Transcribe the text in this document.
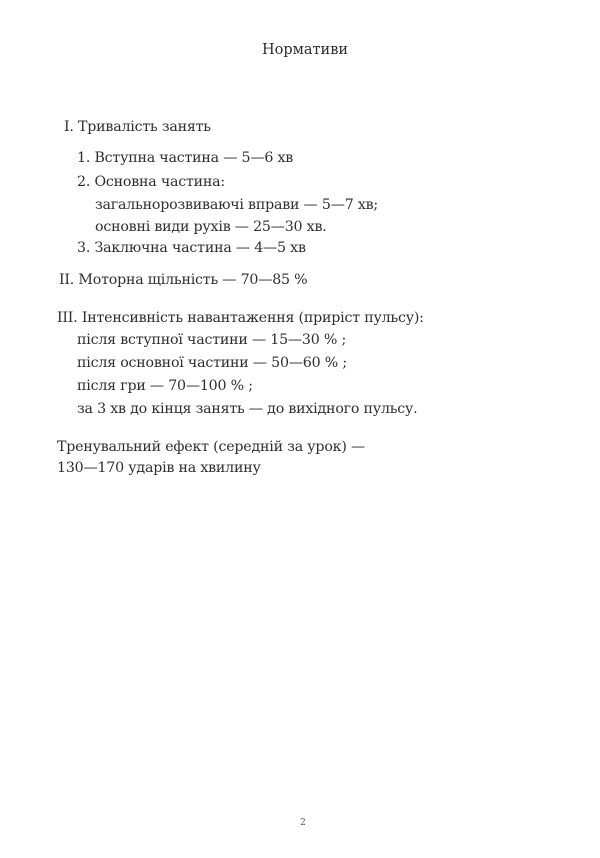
Нормативи
I. Тривалість занять
1. Вступна частина — 5—6 хв
2. Основна частина:
загальнорозвиваючі вправи — 5—7 хв;
основні види рухів — 25—30 хв.
3. Заключна частина — 4—5 хв
II. Моторна щільність — 70—85 %
III. Інтенсивність навантаження (приріст пульсу):
після вступної частини — 15—30 % ;
після основної частини — 50—60 % ;
після гри — 70—100 % ;
за 3 хв до кінця занять — до вихідного пульсу.
Тренувальний ефект (середній за урок) —
130—170 ударів на хвилину
2
